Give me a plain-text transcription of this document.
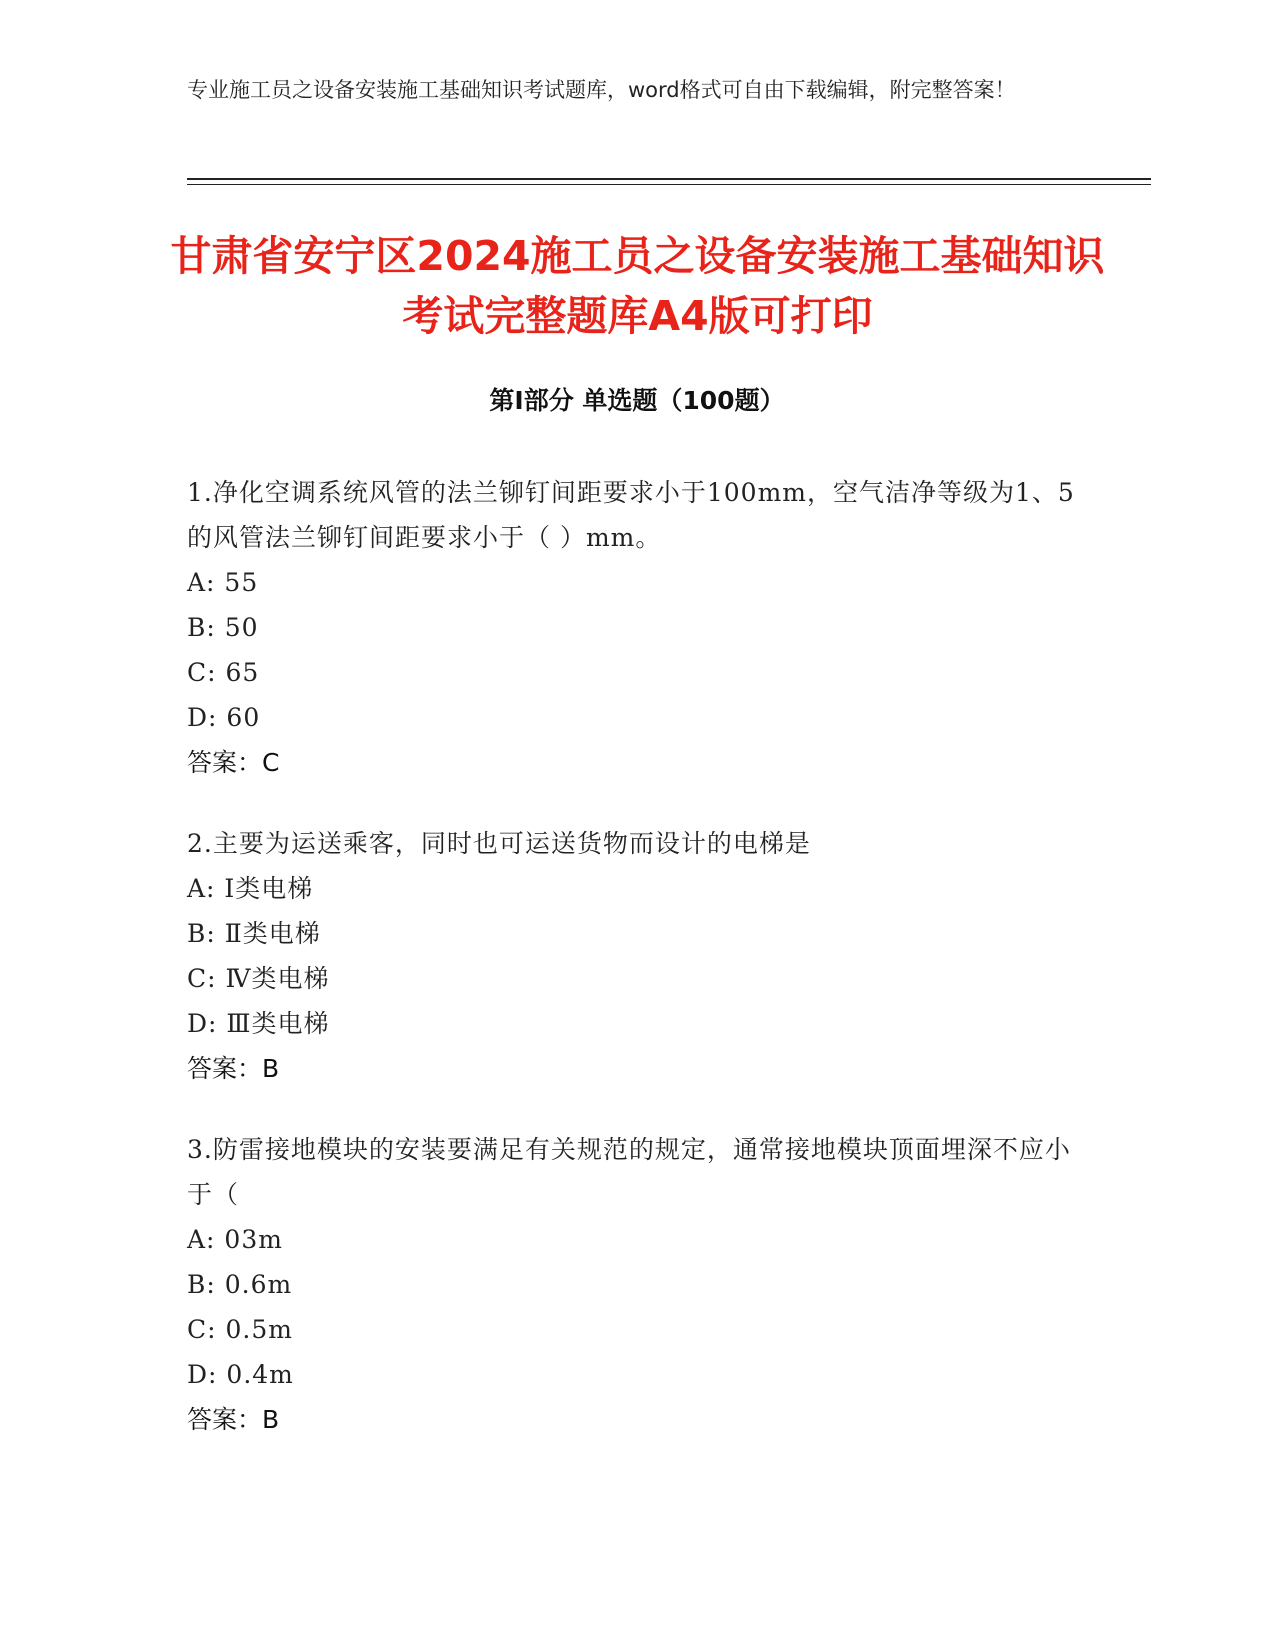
专业施工员之设备安装施工基础知识考试题库，word格式可自由下载编辑，附完整答案！
甘肃省安宁区2024施工员之设备安装施工基础知识考试完整题库A4版可打印
第I部分 单选题（100题）
1.净化空调系统风管的法兰铆钉间距要求小于100mm，空气洁净等级为1、5的风管法兰铆钉间距要求小于（ ）mm。
A: 55
B: 50
C: 65
D: 60
答案：C
2.主要为运送乘客，同时也可运送货物而设计的电梯是
A: Ⅰ类电梯
B: Ⅱ类电梯
C: Ⅳ类电梯
D: Ⅲ类电梯
答案：B
3.防雷接地模块的安装要满足有关规范的规定，通常接地模块顶面埋深不应小于（
A: 03m
B: 0.6m
C: 0.5m
D: 0.4m
答案：B
